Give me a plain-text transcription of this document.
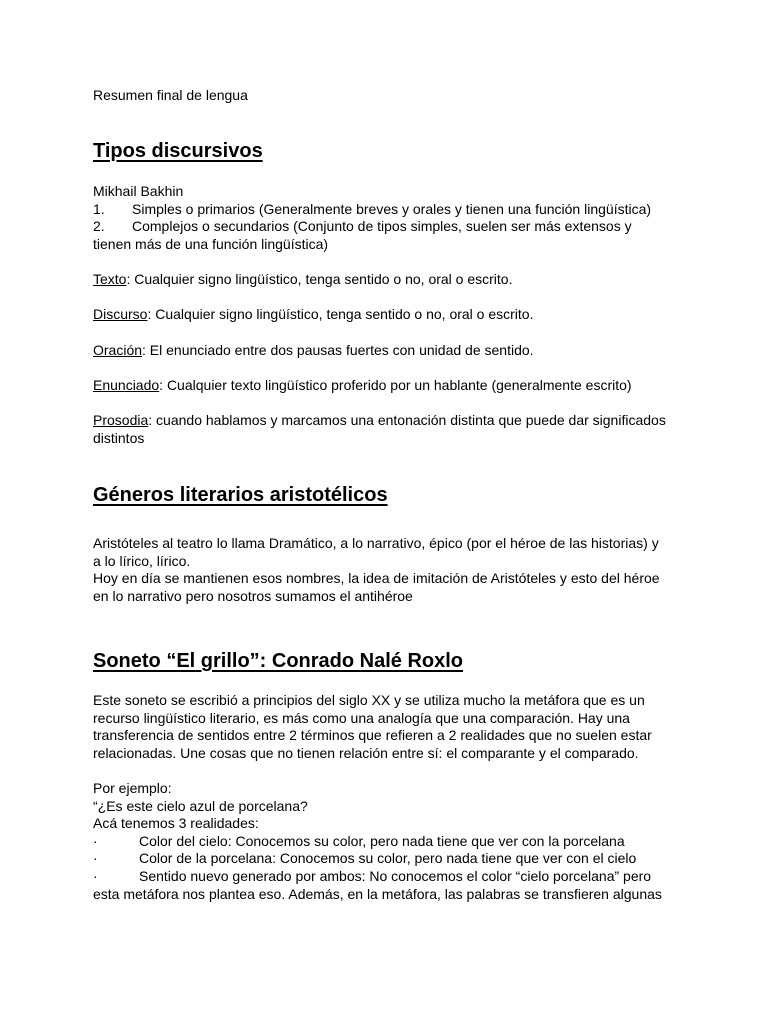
Resumen final de lengua
Tipos discursivos
Mikhail Bakhin
1. Simples o primarios (Generalmente breves y orales y tienen una función lingüística)
2. Complejos o secundarios (Conjunto de tipos simples, suelen ser más extensos y
tienen más de una función lingüística)
Texto: Cualquier signo lingüístico, tenga sentido o no, oral o escrito.
Discurso: Cualquier signo lingüístico, tenga sentido o no, oral o escrito.
Oración: El enunciado entre dos pausas fuertes con unidad de sentido.
Enunciado: Cualquier texto lingüístico proferido por un hablante (generalmente escrito)
Prosodia: cuando hablamos y marcamos una entonación distinta que puede dar significados
distintos
Géneros literarios aristotélicos
Aristóteles al teatro lo llama Dramático, a lo narrativo, épico (por el héroe de las historias) y
a lo lírico, lírico.
Hoy en día se mantienen esos nombres, la idea de imitación de Aristóteles y esto del héroe
en lo narrativo pero nosotros sumamos el antihéroe
Soneto “El grillo”: Conrado Nalé Roxlo
Este soneto se escribió a principios del siglo XX y se utiliza mucho la metáfora que es un
recurso lingüístico literario, es más como una analogía que una comparación. Hay una
transferencia de sentidos entre 2 términos que refieren a 2 realidades que no suelen estar
relacionadas. Une cosas que no tienen relación entre sí: el comparante y el comparado.
Por ejemplo:
“¿Es este cielo azul de porcelana?
Acá tenemos 3 realidades:
·	Color del cielo: Conocemos su color, pero nada tiene que ver con la porcelana
·	Color de la porcelana: Conocemos su color, pero nada tiene que ver con el cielo
·	Sentido nuevo generado por ambos: No conocemos el color “cielo porcelana” pero
esta metáfora nos plantea eso. Además, en la metáfora, las palabras se transfieren algunas
